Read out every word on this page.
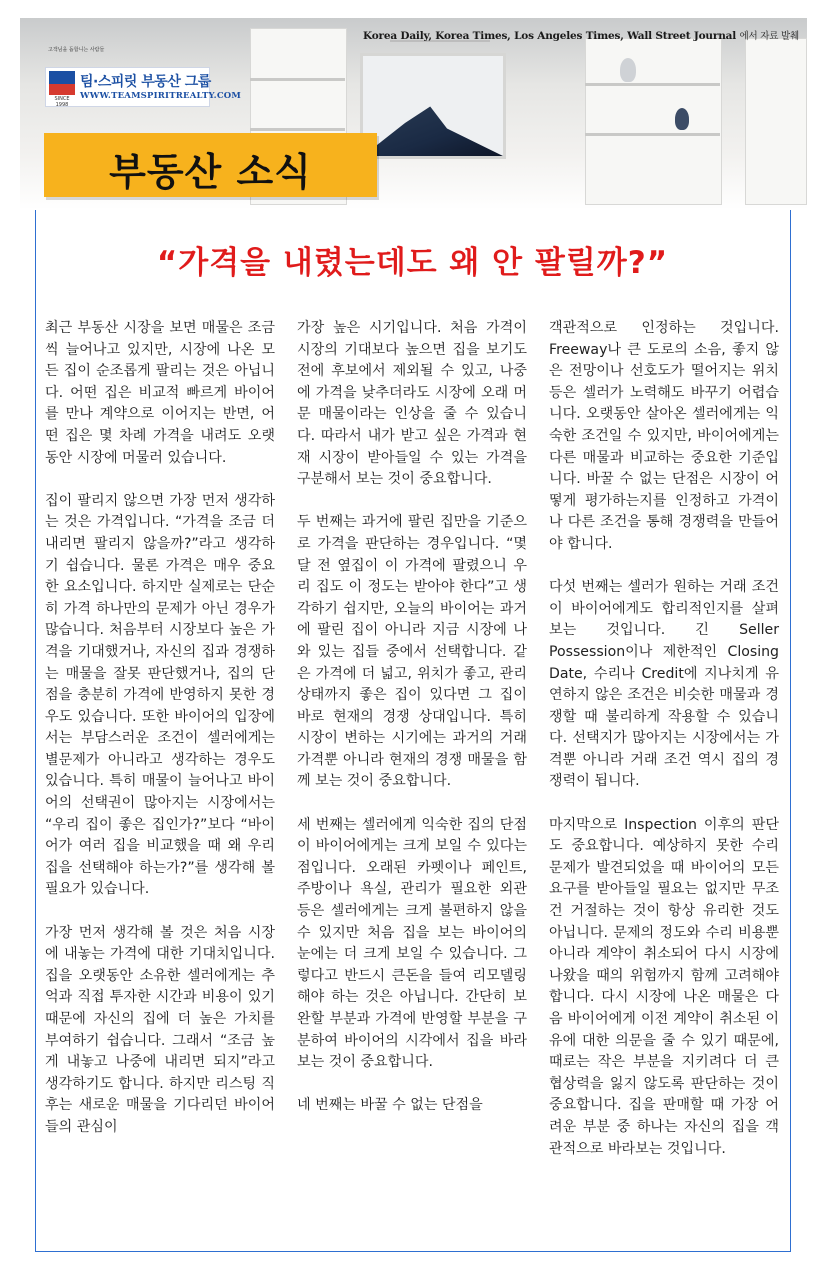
Korea Daily, Korea Times, Los Angeles Times, Wall Street Journal 에서 자료 발췌
고객님을 돕합니는 사람들
SINCE 1998
팀·스피릿 부동산 그룹
WWW.TEAMSPIRITREALTY.COM
부동산 소식
“가격을 내렸는데도 왜 안 팔릴까?”

최근 부동산 시장을 보면 매물은 조금씩 늘어나고 있지만, 시장에 나온 모든 집이 순조롭게 팔리는 것은 아닙니다. 어떤 집은 비교적 빠르게 바이어를 만나 계약으로 이어지는 반면, 어떤 집은 몇 차례 가격을 내려도 오랫동안 시장에 머물러 있습니다.

집이 팔리지 않으면 가장 먼저 생각하는 것은 가격입니다. “가격을 조금 더 내리면 팔리지 않을까?”라고 생각하기 쉽습니다. 물론 가격은 매우 중요한 요소입니다. 하지만 실제로는 단순히 가격 하나만의 문제가 아닌 경우가 많습니다. 처음부터 시장보다 높은 가격을 기대했거나, 자신의 집과 경쟁하는 매물을 잘못 판단했거나, 집의 단점을 충분히 가격에 반영하지 못한 경우도 있습니다. 또한 바이어의 입장에서는 부담스러운 조건이 셀러에게는 별문제가 아니라고 생각하는 경우도 있습니다. 특히 매물이 늘어나고 바이어의 선택권이 많아지는 시장에서는 “우리 집이 좋은 집인가?”보다 “바이어가 여러 집을 비교했을 때 왜 우리 집을 선택해야 하는가?”를 생각해 볼 필요가 있습니다.

가장 먼저 생각해 볼 것은 처음 시장에 내놓는 가격에 대한 기대치입니다. 집을 오랫동안 소유한 셀러에게는 추억과 직접 투자한 시간과 비용이 있기 때문에 자신의 집에 더 높은 가치를 부여하기 쉽습니다. 그래서 “조금 높게 내놓고 나중에 내리면 되지”라고 생각하기도 합니다. 하지만 리스팅 직후는 새로운 매물을 기다리던 바이어들의 관심이

가장 높은 시기입니다. 처음 가격이 시장의 기대보다 높으면 집을 보기도 전에 후보에서 제외될 수 있고, 나중에 가격을 낮추더라도 시장에 오래 머문 매물이라는 인상을 줄 수 있습니다. 따라서 내가 받고 싶은 가격과 현재 시장이 받아들일 수 있는 가격을 구분해서 보는 것이 중요합니다.

두 번째는 과거에 팔린 집만을 기준으로 가격을 판단하는 경우입니다. “몇 달 전 옆집이 이 가격에 팔렸으니 우리 집도 이 정도는 받아야 한다”고 생각하기 쉽지만, 오늘의 바이어는 과거에 팔린 집이 아니라 지금 시장에 나와 있는 집들 중에서 선택합니다. 같은 가격에 더 넓고, 위치가 좋고, 관리 상태까지 좋은 집이 있다면 그 집이 바로 현재의 경쟁 상대입니다. 특히 시장이 변하는 시기에는 과거의 거래 가격뿐 아니라 현재의 경쟁 매물을 함께 보는 것이 중요합니다.

세 번째는 셀러에게 익숙한 집의 단점이 바이어에게는 크게 보일 수 있다는 점입니다. 오래된 카펫이나 페인트, 주방이나 욕실, 관리가 필요한 외관 등은 셀러에게는 크게 불편하지 않을 수 있지만 처음 집을 보는 바이어의 눈에는 더 크게 보일 수 있습니다. 그렇다고 반드시 큰돈을 들여 리모델링해야 하는 것은 아닙니다. 간단히 보완할 부분과 가격에 반영할 부분을 구분하여 바이어의 시각에서 집을 바라보는 것이 중요합니다.

네 번째는 바꿀 수 없는 단점을

객관적으로 인정하는 것입니다. Freeway나 큰 도로의 소음, 좋지 않은 전망이나 선호도가 떨어지는 위치 등은 셀러가 노력해도 바꾸기 어렵습니다. 오랫동안 살아온 셀러에게는 익숙한 조건일 수 있지만, 바이어에게는 다른 매물과 비교하는 중요한 기준입니다. 바꿀 수 없는 단점은 시장이 어떻게 평가하는지를 인정하고 가격이나 다른 조건을 통해 경쟁력을 만들어야 합니다.

다섯 번째는 셀러가 원하는 거래 조건이 바이어에게도 합리적인지를 살펴보는 것입니다. 긴 Seller Possession이나 제한적인 Closing Date, 수리나 Credit에 지나치게 유연하지 않은 조건은 비슷한 매물과 경쟁할 때 불리하게 작용할 수 있습니다. 선택지가 많아지는 시장에서는 가격뿐 아니라 거래 조건 역시 집의 경쟁력이 됩니다.

마지막으로 Inspection 이후의 판단도 중요합니다. 예상하지 못한 수리 문제가 발견되었을 때 바이어의 모든 요구를 받아들일 필요는 없지만 무조건 거절하는 것이 항상 유리한 것도 아닙니다. 문제의 정도와 수리 비용뿐 아니라 계약이 취소되어 다시 시장에 나왔을 때의 위험까지 함께 고려해야 합니다. 다시 시장에 나온 매물은 다음 바이어에게 이전 계약이 취소된 이유에 대한 의문을 줄 수 있기 때문에, 때로는 작은 부분을 지키려다 더 큰 협상력을 잃지 않도록 판단하는 것이 중요합니다. 집을 판매할 때 가장 어려운 부분 중 하나는 자신의 집을 객관적으로 바라보는 것입니다.
